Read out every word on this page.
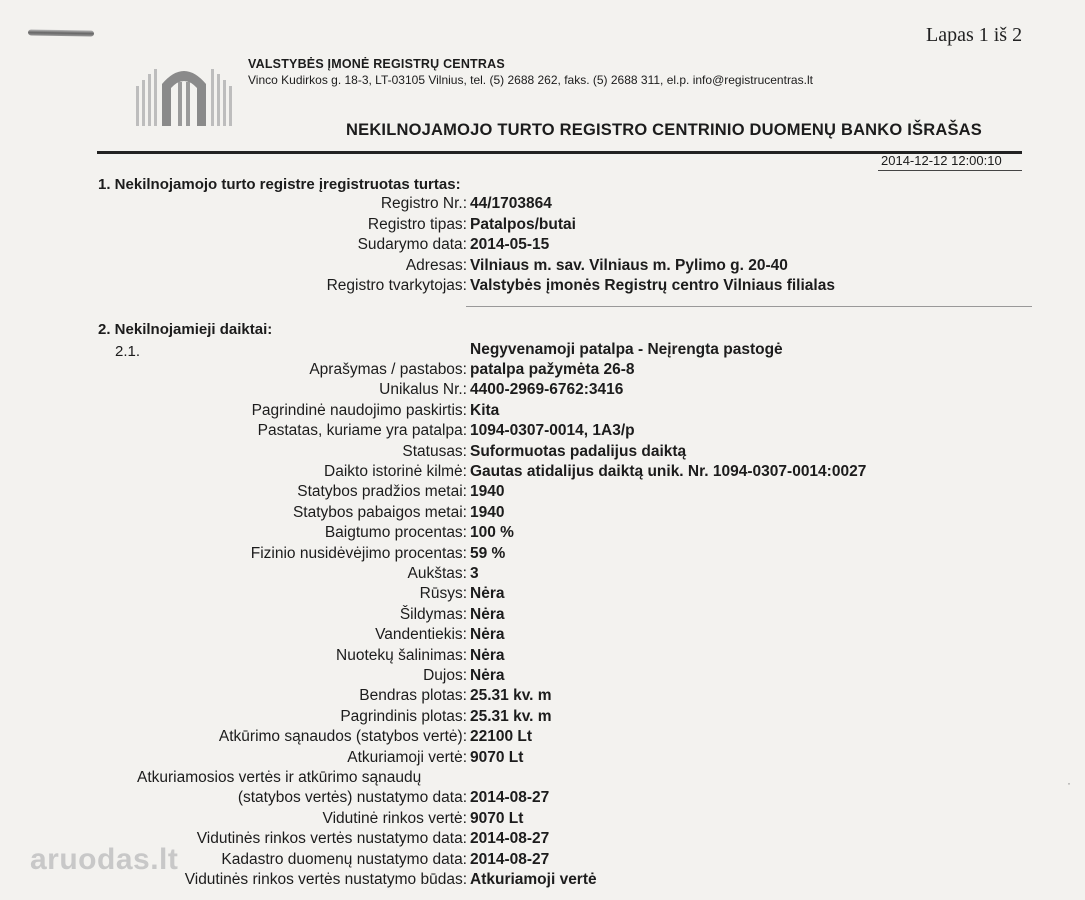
Lapas 1 iš 2
VALSTYBĖS ĮMONĖ REGISTRŲ CENTRAS
Vinco Kudirkos g. 18-3, LT-03105 Vilnius, tel. (5) 2688 262, faks. (5) 2688 311, el.p. info@registrucentras.lt
NEKILNOJAMOJO TURTO REGISTRO CENTRINIO DUOMENŲ BANKO IŠRAŠAS
2014-12-12 12:00:10
1. Nekilnojamojo turto registre įregistruotas turtas:
Registro Nr.: 44/1703864
Registro tipas: Patalpos/butai
Sudarymo data: 2014-05-15
Adresas: Vilniaus m. sav. Vilniaus m. Pylimo g. 20-40
Registro tvarkytojas: Valstybės įmonės Registrų centro Vilniaus filialas
2. Nekilnojamieji daiktai:
2.1.	Negyvenamoji patalpa - Neįrengta pastogė
Aprašymas / pastabos: patalpa pažymėta 26-8
Unikalus Nr.: 4400-2969-6762:3416
Pagrindinė naudojimo paskirtis: Kita
Pastatas, kuriame yra patalpa: 1094-0307-0014, 1A3/p
Statusas: Suformuotas padalijus daiktą
Daikto istorinė kilmė: Gautas atidalijus daiktą unik. Nr. 1094-0307-0014:0027
Statybos pradžios metai: 1940
Statybos pabaigos metai: 1940
Baigtumo procentas: 100 %
Fizinio nusidėvėjimo procentas: 59 %
Aukštas: 3
Rūsys: Nėra
Šildymas: Nėra
Vandentiekis: Nėra
Nuotekų šalinimas: Nėra
Dujos: Nėra
Bendras plotas: 25.31 kv. m
Pagrindinis plotas: 25.31 kv. m
Atkūrimo sąnaudos (statybos vertė): 22100 Lt
Atkuriamoji vertė: 9070 Lt
Atkuriamosios vertės ir atkūrimo sąnaudų
(statybos vertės) nustatymo data: 2014-08-27
Vidutinė rinkos vertė: 9070 Lt
Vidutinės rinkos vertės nustatymo data: 2014-08-27
Kadastro duomenų nustatymo data: 2014-08-27
Vidutinės rinkos vertės nustatymo būdas: Atkuriamoji vertė
·
aruodas.lt
